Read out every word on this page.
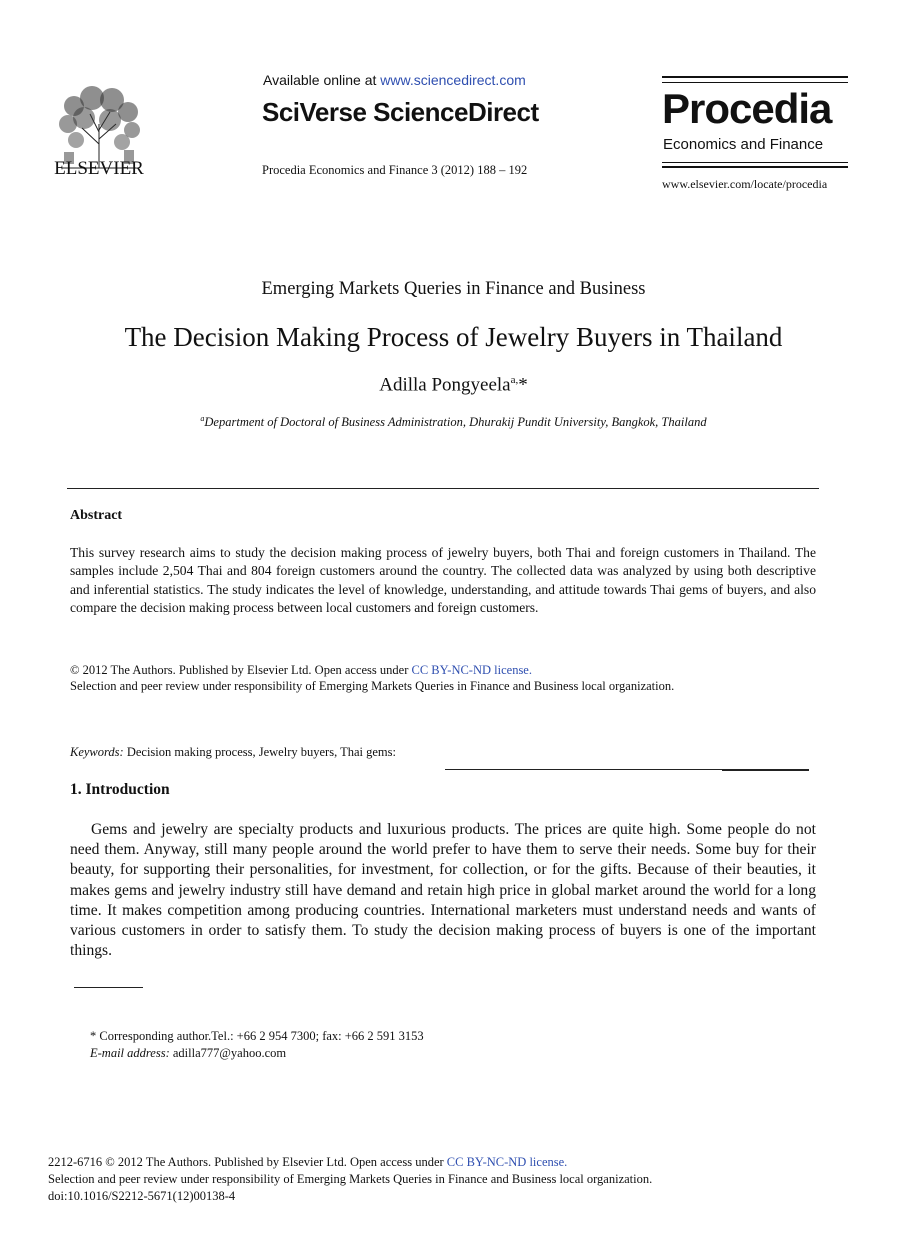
ELSEVIER
Available online at www.sciencedirect.com
SciVerse ScienceDirect
Procedia Economics and Finance 3 (2012) 188 – 192
Procedia
Economics and Finance
www.elsevier.com/locate/procedia
Emerging Markets Queries in Finance and Business
The Decision Making Process of Jewelry Buyers in Thailand
Adilla Pongyeela$^{a,}$*
$^a$Department of Doctoral of Business Administration, Dhurakij Pundit University, Bangkok, Thailand
Abstract
This survey research aims to study the decision making process of jewelry buyers, both Thai and foreign customers in Thailand. The samples include 2,504 Thai and 804 foreign customers around the country. The collected data was analyzed by using both descriptive and inferential statistics. The study indicates the level of knowledge, understanding, and attitude towards Thai gems of buyers, and also compare the decision making process between local customers and foreign customers.
© 2012 The Authors. Published by Elsevier Ltd. Open access under CC BY-NC-ND license.
Selection and peer review under responsibility of Emerging Markets Queries in Finance and Business local organization.
Keywords: Decision making process, Jewelry buyers, Thai gems:
1. Introduction
Gems and jewelry are specialty products and luxurious products. The prices are quite high. Some people do not need them. Anyway, still many people around the world prefer to have them to serve their needs. Some buy for their beauty, for supporting their personalities, for investment, for collection, or for the gifts. Because of their beauties, it makes gems and jewelry industry still have demand and retain high price in global market around the world for a long time. It makes competition among producing countries. International marketers must understand needs and wants of various customers in order to satisfy them. To study the decision making process of buyers is one of the important things.
* Corresponding author.Tel.: +66 2 954 7300; fax: +66 2 591 3153
E-mail address: adilla777@yahoo.com
2212-6716 © 2012 The Authors. Published by Elsevier Ltd. Open access under CC BY-NC-ND license.
Selection and peer review under responsibility of Emerging Markets Queries in Finance and Business local organization.
doi:10.1016/S2212-5671(12)00138-4
